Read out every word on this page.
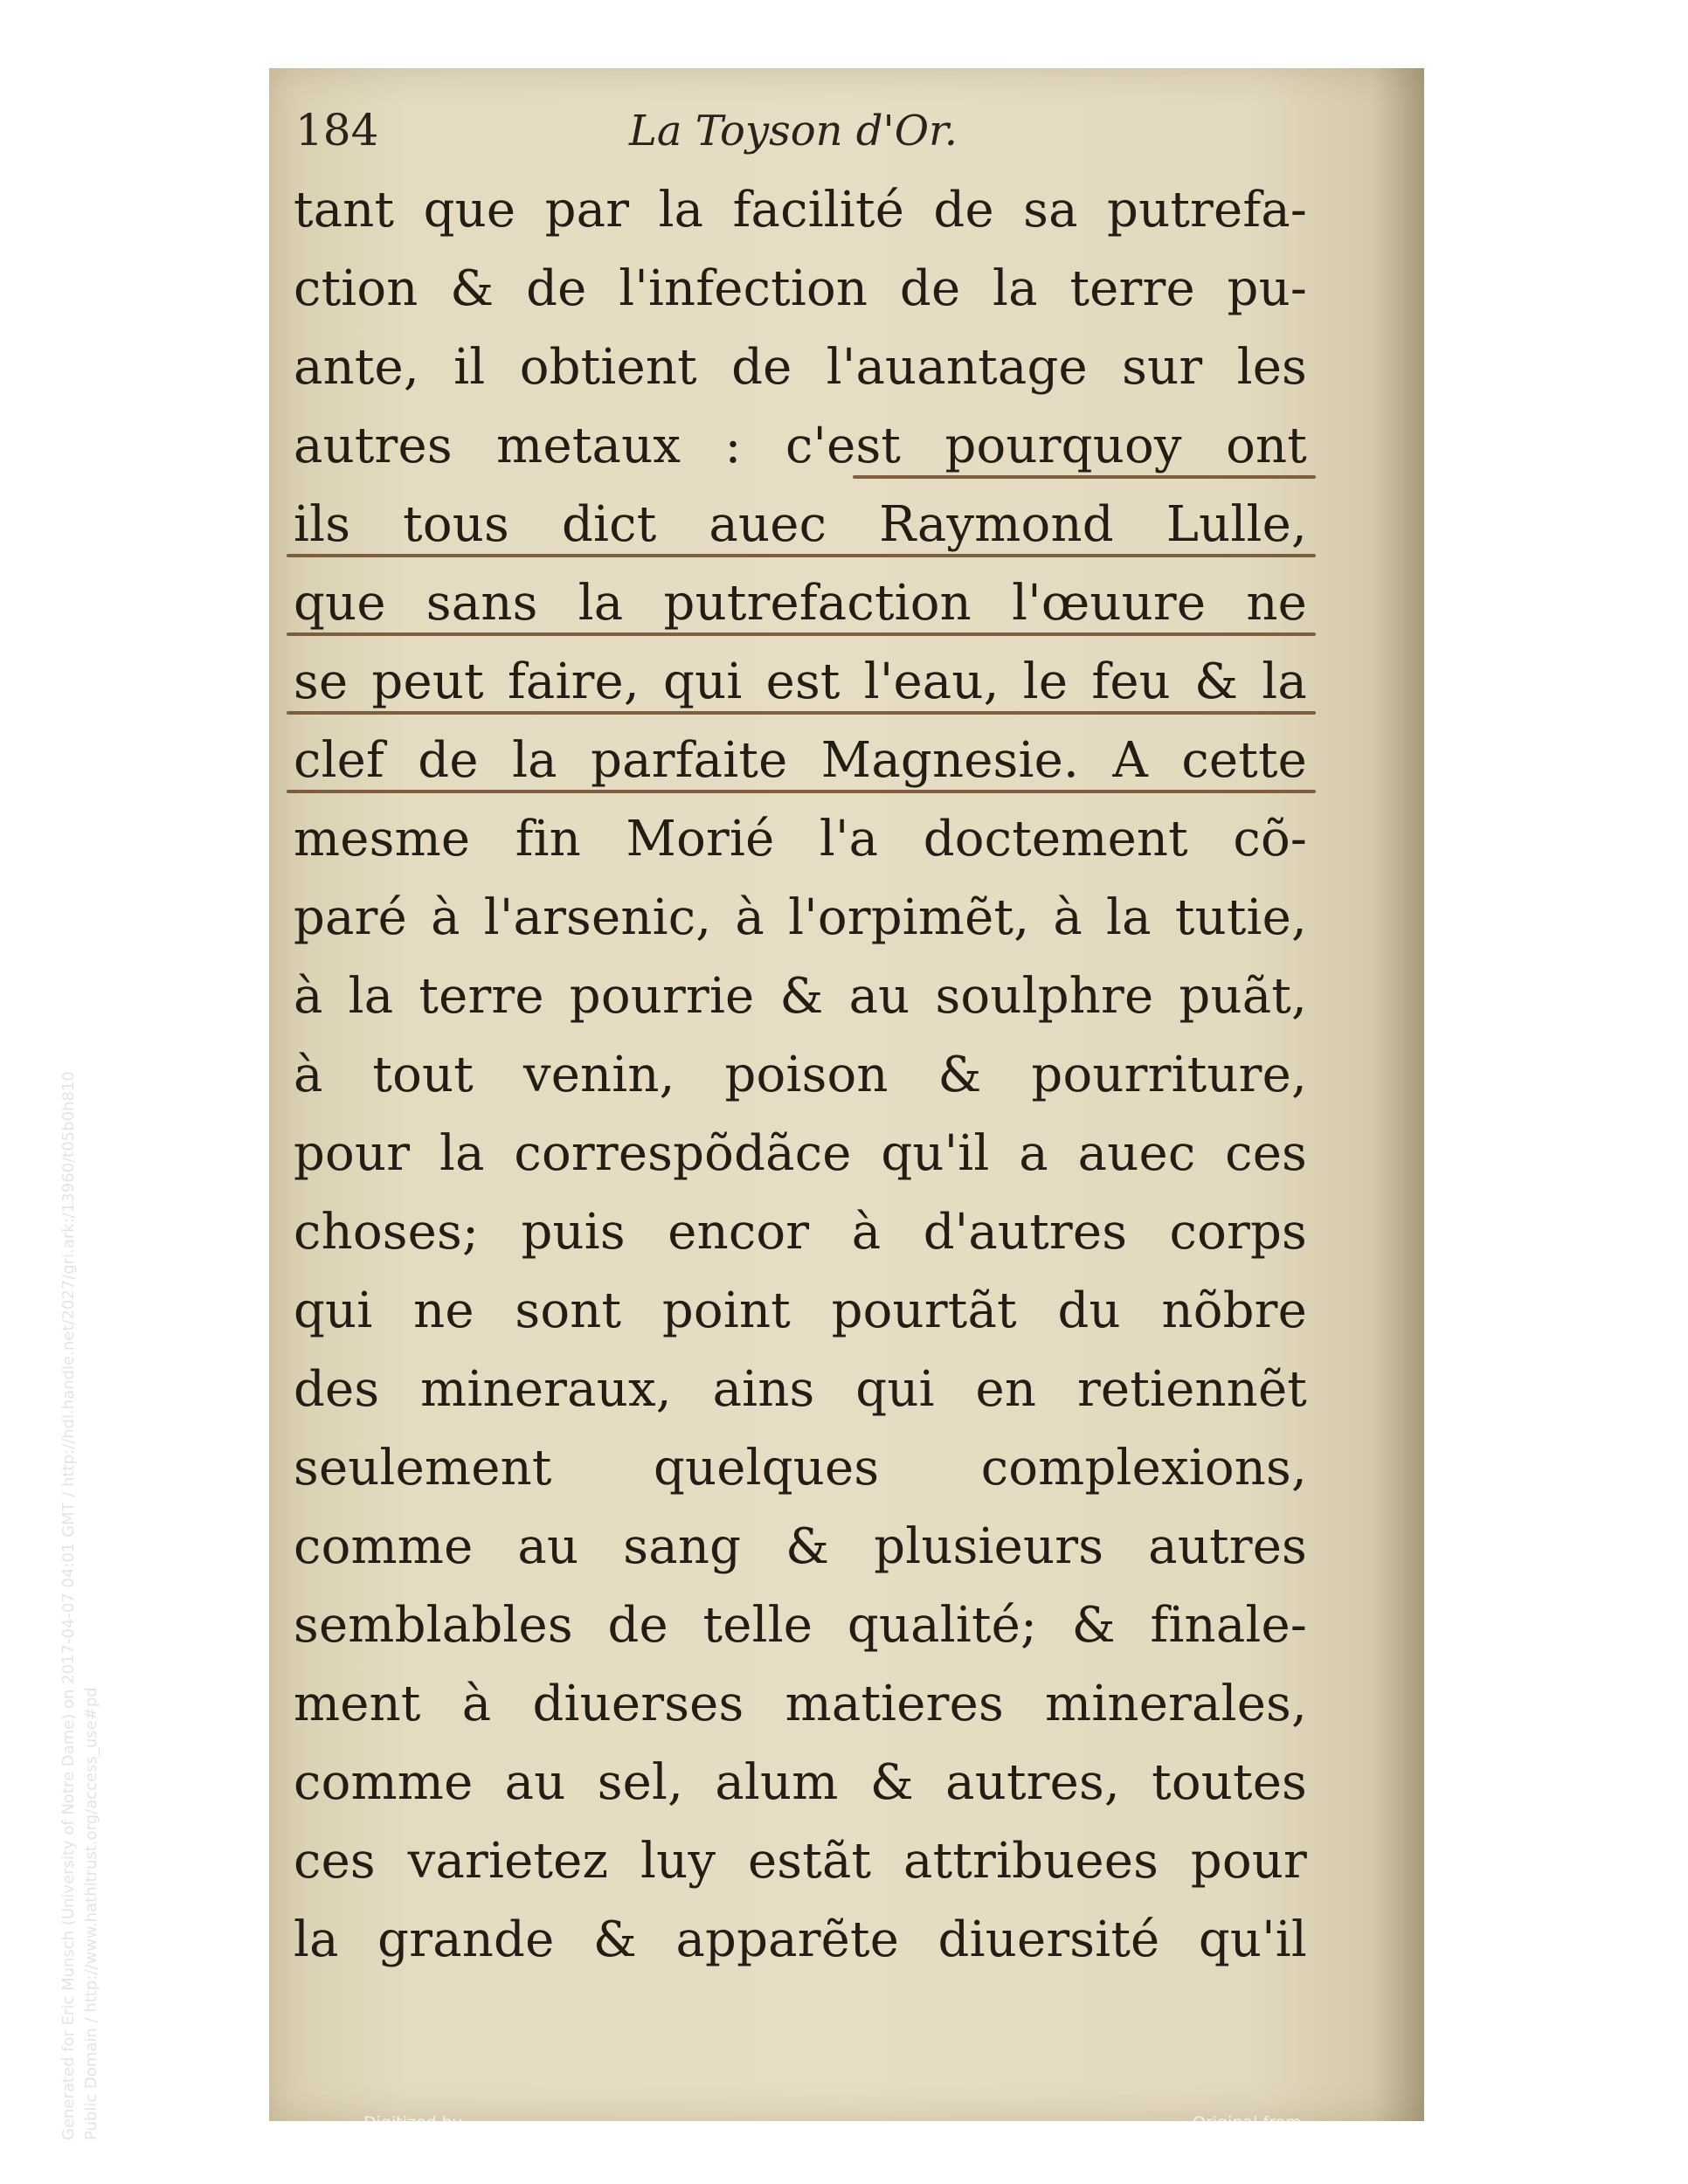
184	La Toyson d'Or.
tant que par la facilité de sa putrefa-
ction & de l'infection de la terre pu-
ante, il obtient de l'auantage sur les
autres metaux : c'est pourquoy ont
ils tous dict auec Raymond Lulle,
que sans la putrefaction l'œuure ne
se peut faire, qui est l'eau, le feu & la
clef de la parfaite Magnesie. A cette
mesme fin Morié l'a doctement cõ-
paré à l'arsenic, à l'orpimẽt, à la tutie,
à la terre pourrie & au soulphre puãt,
à tout venin, poison & pourriture,
pour la correspõdãce qu'il a auec ces
choses; puis encor à d'autres corps
qui ne sont point pourtãt du nõbre
des mineraux, ains qui en retiennẽt
seulement quelques complexions,
comme au sang & plusieurs autres
semblables de telle qualité; & finale-
ment à diuerses matieres minerales,
comme au sel, alum & autres, toutes
ces varietez luy estãt attribuees pour
la grande & apparẽte diuersité qu'il
Digitized by
INTERNET ARCHIVE
Original from
THE GETTY RESEARCH INSTITUTE
Generated for Eric Munsch (University of Notre Dame) on 2017-04-07 04:01 GMT / http://hdl.handle.net/2027/gri.ark:/13960/t05b0h810 Public Domain / http://www.hathitrust.org/access_use#pd
